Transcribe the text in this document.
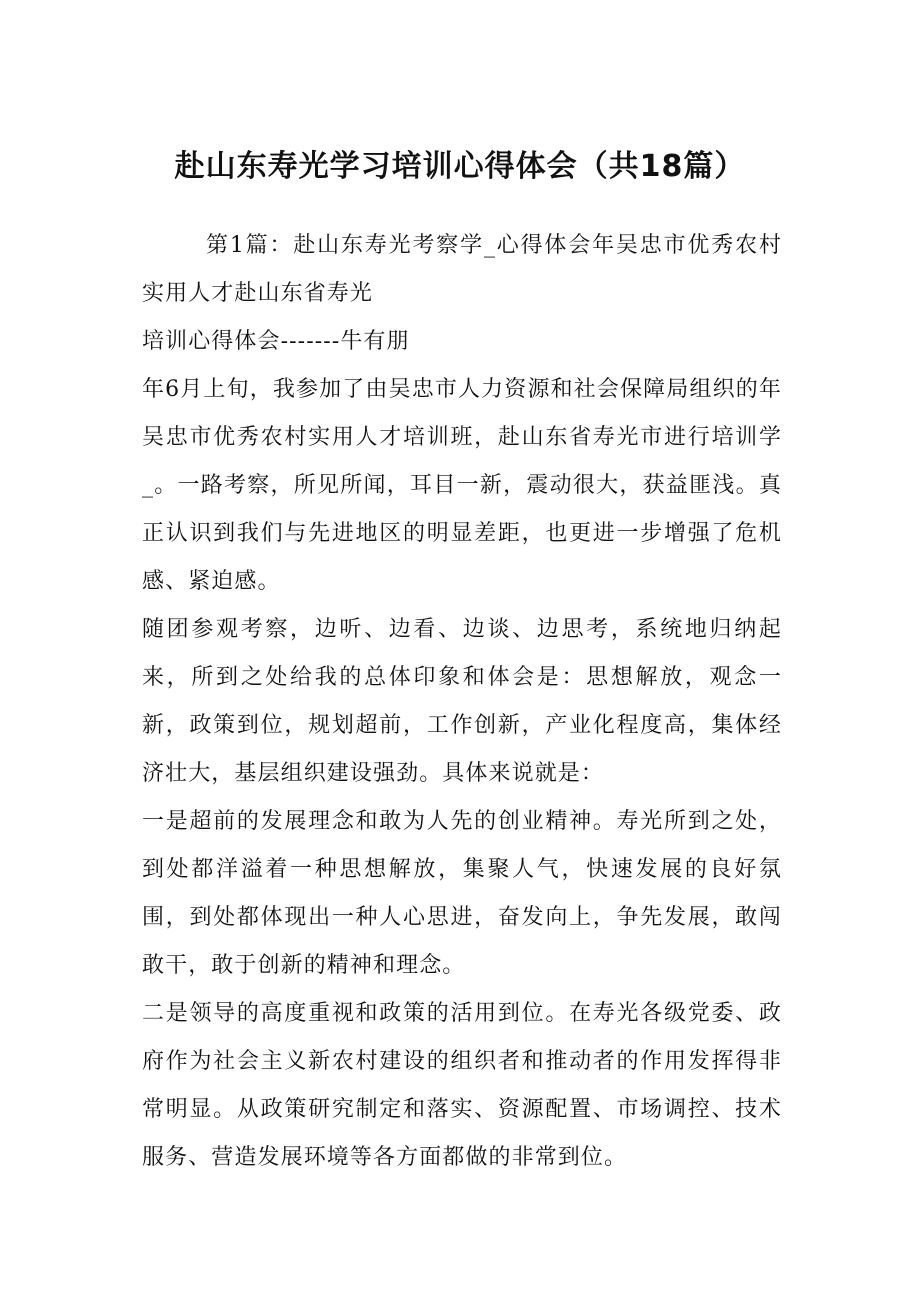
赴山东寿光学习培训心得体会（共18篇）

第1篇：赴山东寿光考察学_心得体会年吴忠市优秀农村实用人才赴山东省寿光

培训心得体会-------牛有朋

年6月上旬，我参加了由吴忠市人力资源和社会保障局组织的年吴忠市优秀农村实用人才培训班，赴山东省寿光市进行培训学_。一路考察，所见所闻，耳目一新，震动很大，获益匪浅。真正认识到我们与先进地区的明显差距，也更进一步增强了危机感、紧迫感。

随团参观考察，边听、边看、边谈、边思考，系统地归纳起来，所到之处给我的总体印象和体会是：思想解放，观念一新，政策到位，规划超前，工作创新，产业化程度高，集体经济壮大，基层组织建设强劲。具体来说就是：

一是超前的发展理念和敢为人先的创业精神。寿光所到之处，到处都洋溢着一种思想解放，集聚人气，快速发展的良好氛围，到处都体现出一种人心思进，奋发向上，争先发展，敢闯敢干，敢于创新的精神和理念。

二是领导的高度重视和政策的活用到位。在寿光各级党委、政府作为社会主义新农村建设的组织者和推动者的作用发挥得非常明显。从政策研究制定和落实、资源配置、市场调控、技术服务、营造发展环境等各方面都做的非常到位。
